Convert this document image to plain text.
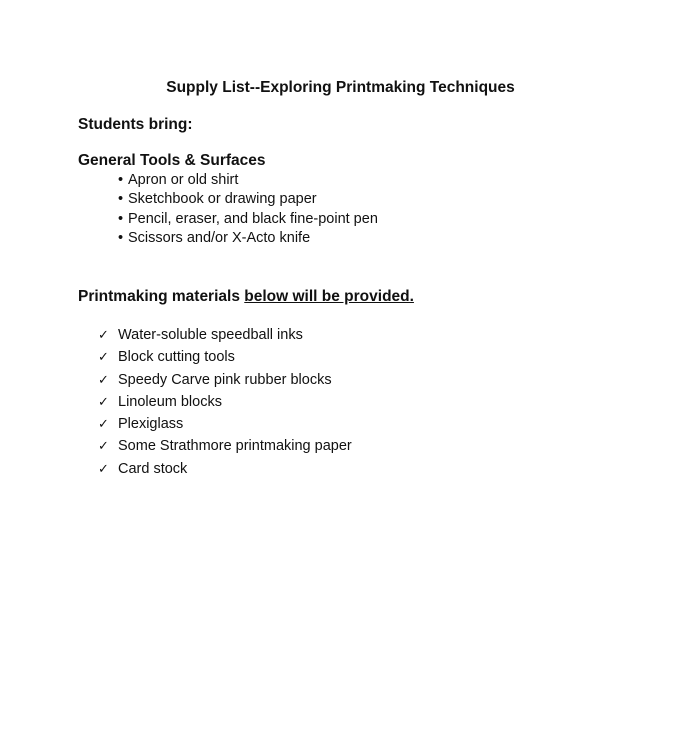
Supply List--Exploring Printmaking Techniques
Students bring:
General Tools & Surfaces
• Apron or old shirt
• Sketchbook or drawing paper
• Pencil, eraser, and black fine-point pen
• Scissors and/or X-Acto knife
Printmaking materials below will be provided.
✓ Water-soluble speedball inks
✓ Block cutting tools
✓ Speedy Carve pink rubber blocks
✓ Linoleum blocks
✓ Plexiglass
✓ Some Strathmore printmaking paper
✓ Card stock
